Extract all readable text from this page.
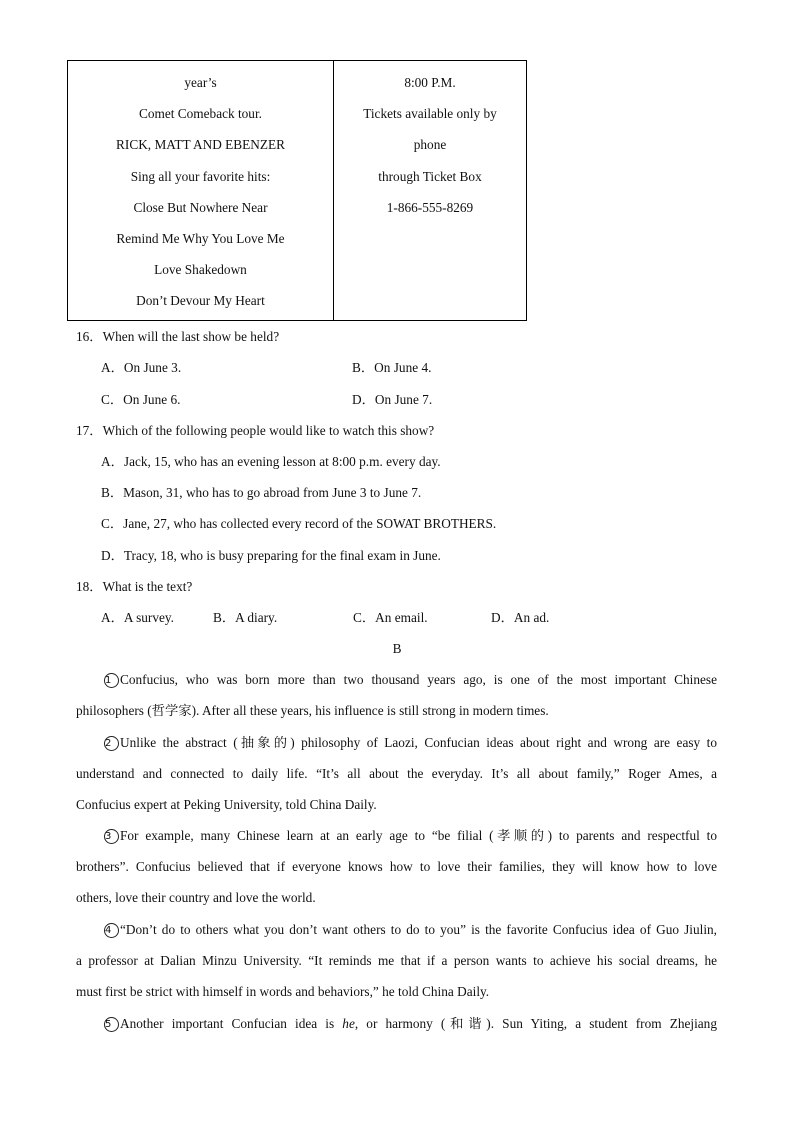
year’s
Comet Comeback tour.
RICK, MATT AND EBENZER
Sing all your favorite hits:
Close But Nowhere Near
Remind Me Why You Love Me
Love Shakedown
Don’t Devour My Heart
8:00 P.M.
Tickets available only by
phone
through Ticket Box
1-866-555-8269
16．When will the last show be held?
A．On June 3.	B．On June 4.
C．On June 6.	D．On June 7.
17．Which of the following people would like to watch this show?
A．Jack, 15, who has an evening lesson at 8:00 p.m. every day.
B．Mason, 31, who has to go abroad from June 3 to June 7.
C．Jane, 27, who has collected every record of the SOWAT BROTHERS.
D．Tracy, 18, who is busy preparing for the final exam in June.
18．What is the text?
A．A survey.	B．A diary.	C．An email.	D．An ad.
B
1 Confucius, who was born more than two thousand years ago, is one of the most important Chinese
philosophers (哲学家). After all these years, his influence is still strong in modern times.
2 Unlike the abstract (抽象的) philosophy of Laozi, Confucian ideas about right and wrong are easy to
understand and connected to daily life. “It’s all about the everyday. It’s all about family,” Roger Ames, a
Confucius expert at Peking University, told China Daily.
3 For example, many Chinese learn at an early age to “be filial (孝顺的) to parents and respectful to
brothers”. Confucius believed that if everyone knows how to love their families, they will know how to love
others, love their country and love the world.
4 “Don’t do to others what you don’t want others to do to you” is the favorite Confucius idea of Guo Jiulin,
a professor at Dalian Minzu University. “It reminds me that if a person wants to achieve his social dreams, he
must first be strict with himself in words and behaviors,” he told China Daily.
5 Another important Confucian idea is he, or harmony (和谐). Sun Yiting, a student from Zhejiang
